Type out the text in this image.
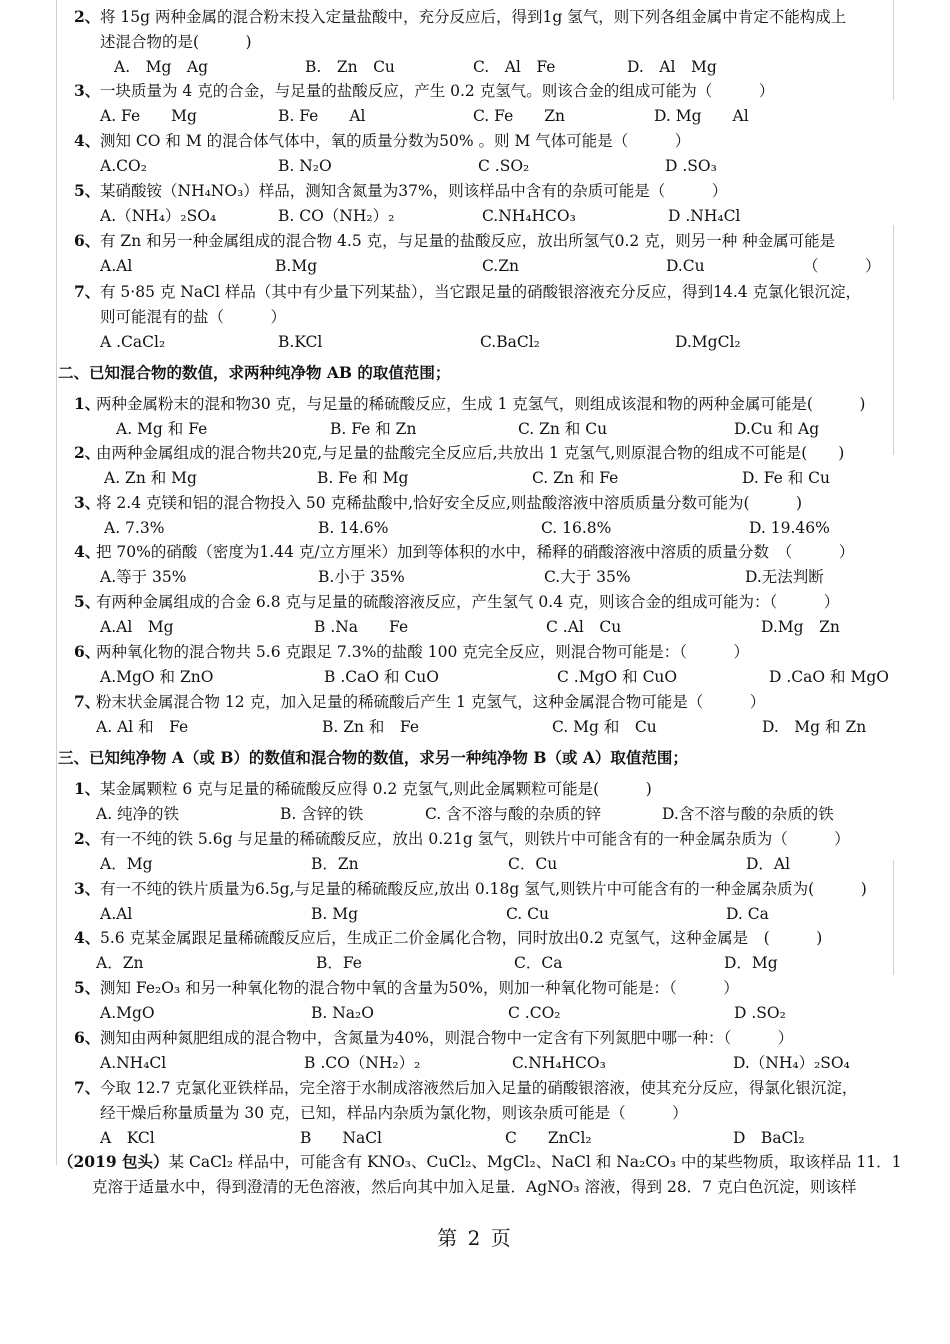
2、 将 15g 两种金属的混合粉末投入定量盐酸中，充分反应后，得到1g 氢气，则下列各组金属中肯定不能构成上
述混合物的是(　　　)
A.　Mg　Ag	B.　Zn　Cu	C.　Al　Fe	D.　Al　Mg
3、 一块质量为 4 克的合金，与足量的盐酸反应，产生 0.2 克氢气。则该合金的组成可能为（　　　）
A. Fe　　Mg	B. Fe　　Al	C. Fe　　Zn	D. Mg　　Al
4、 测知 CO 和 M 的混合体气体中，氧的质量分数为50% 。则 M 气体可能是（　　　）
A.CO₂	B. N₂O	C .SO₂	D .SO₃
5、 某硝酸铵（NH₄NO₃）样品，测知含氮量为37%，则该样品中含有的杂质可能是（　　　）
A.（NH₄）₂SO₄	B. CO（NH₂）₂	C.NH₄HCO₃	D .NH₄Cl
6、 有 Zn 和另一种金属组成的混合物 4.5 克，与足量的盐酸反应，放出所氢气0.2 克，则另一种 种金属可能是
A.Al	B.Mg	C.Zn	D.Cu	（　　　）
7、 有 5·85 克 NaCl 样品（其中有少量下列某盐），当它跟足量的硝酸银溶液充分反应，得到14.4 克氯化银沉淀，
则可能混有的盐（　　　）
A .CaCl₂	B.KCl	C.BaCl₂	D.MgCl₂
二、已知混合物的数值，求两种纯净物 AB 的取值范围；
1、
两种金属粉末的混和物30 克，与足量的稀硫酸反应，生成 1 克氢气，则组成该混和物的两种金属可能是(　　　)
A. Mg 和 Fe	B. Fe 和 Zn	C. Zn 和 Cu	D.Cu 和 Ag
2、
由两种金属组成的混合物共20克,与足量的盐酸完全反应后,共放出 1 克氢气,则原混合物的组成不可能是(　　)
A. Zn 和 Mg	B. Fe 和 Mg	C. Zn 和 Fe	D. Fe 和 Cu
3、
将 2.4 克镁和铝的混合物投入 50 克稀盐酸中,恰好安全反应,则盐酸溶液中溶质质量分数可能为(　　　)
A. 7.3%	B. 14.6%	C. 16.8%	D. 19.46%
4、
把 70%的硝酸（密度为1.44 克/立方厘米）加到等体积的水中，稀释的硝酸溶液中溶质的质量分数　（　　　）
A.等于 35%	B.小于 35%	C.大于 35%	D.无法判断
5、
有两种金属组成的合金 6.8 克与足量的硫酸溶液反应，产生氢气 0.4 克，则该合金的组成可能为：（　　　）
A.Al　Mg	B .Na　　Fe	C .Al　Cu	D.Mg　Zn
6、
两种氧化物的混合物共 5.6 克跟足 7.3%的盐酸 100 克完全反应，则混合物可能是：（　　　）
A.MgO 和 ZnO	B .CaO 和 CuO	C .MgO 和 CuO	D .CaO 和 MgO
7、
粉末状金属混合物 12 克，加入足量的稀硫酸后产生 1 克氢气，这种金属混合物可能是（　　　）
A. Al 和　Fe	B. Zn 和　Fe	C. Mg 和　Cu	D.　Mg 和 Zn
三、已知纯净物 A（或 B）的数值和混合物的数值，求另一种纯净物 B（或 A）取值范围；
1、 某金属颗粒 6 克与足量的稀硫酸反应得 0.2 克氢气,则此金属颗粒可能是(　　　)
A. 纯净的铁	B. 含锌的铁	C. 含不溶与酸的杂质的锌	D.含不溶与酸的杂质的铁
2、 有一不纯的铁 5.6g 与足量的稀硫酸反应，放出 0.21g 氢气，则铁片中可能含有的一种金属杂质为（　　　）
A．Mg	B．Zn	C．Cu	D．Al
3、 有一不纯的铁片质量为6.5g,与足量的稀硫酸反应,放出 0.18g 氢气,则铁片中可能含有的一种金属杂质为(　　　)
A.Al	B. Mg	C. Cu	D. Ca
4、 5.6 克某金属跟足量稀硫酸反应后，生成正二价金属化合物，同时放出0.2 克氢气，这种金属是　(　　　)
A．Zn	B．Fe	C．Ca	D．Mg
5、 测知 Fe₂O₃ 和另一种氧化物的混合物中氧的含量为50%，则加一种氧化物可能是：（　　　）
A.MgO	B. Na₂O	C .CO₂	D .SO₂
6、 测知由两种氮肥组成的混合物中，含氮量为40%，则混合物中一定含有下列氮肥中哪一种：（　　　）
A.NH₄Cl	B .CO（NH₂）₂	C.NH₄HCO₃	D.（NH₄）₂SO₄
7、 今取 12.7 克氯化亚铁样品，完全溶于水制成溶液然后加入足量的硝酸银溶液，使其充分反应，得氯化银沉淀，
经干燥后称量质量为 30 克，已知，样品内杂质为氯化物，则该杂质可能是（　　　）
A　KCl	B　　NaCl	C　　ZnCl₂	D　BaCl₂
（2019 包头）某 CaCl₂ 样品中，可能含有 KNO₃、CuCl₂、MgCl₂、NaCl 和 Na₂CO₃ 中的某些物质，取该样品 11．1
克溶于适量水中，得到澄清的无色溶液，然后向其中加入足量．AgNO₃ 溶液，得到 28．7 克白色沉淀，则该样
第 2 页
